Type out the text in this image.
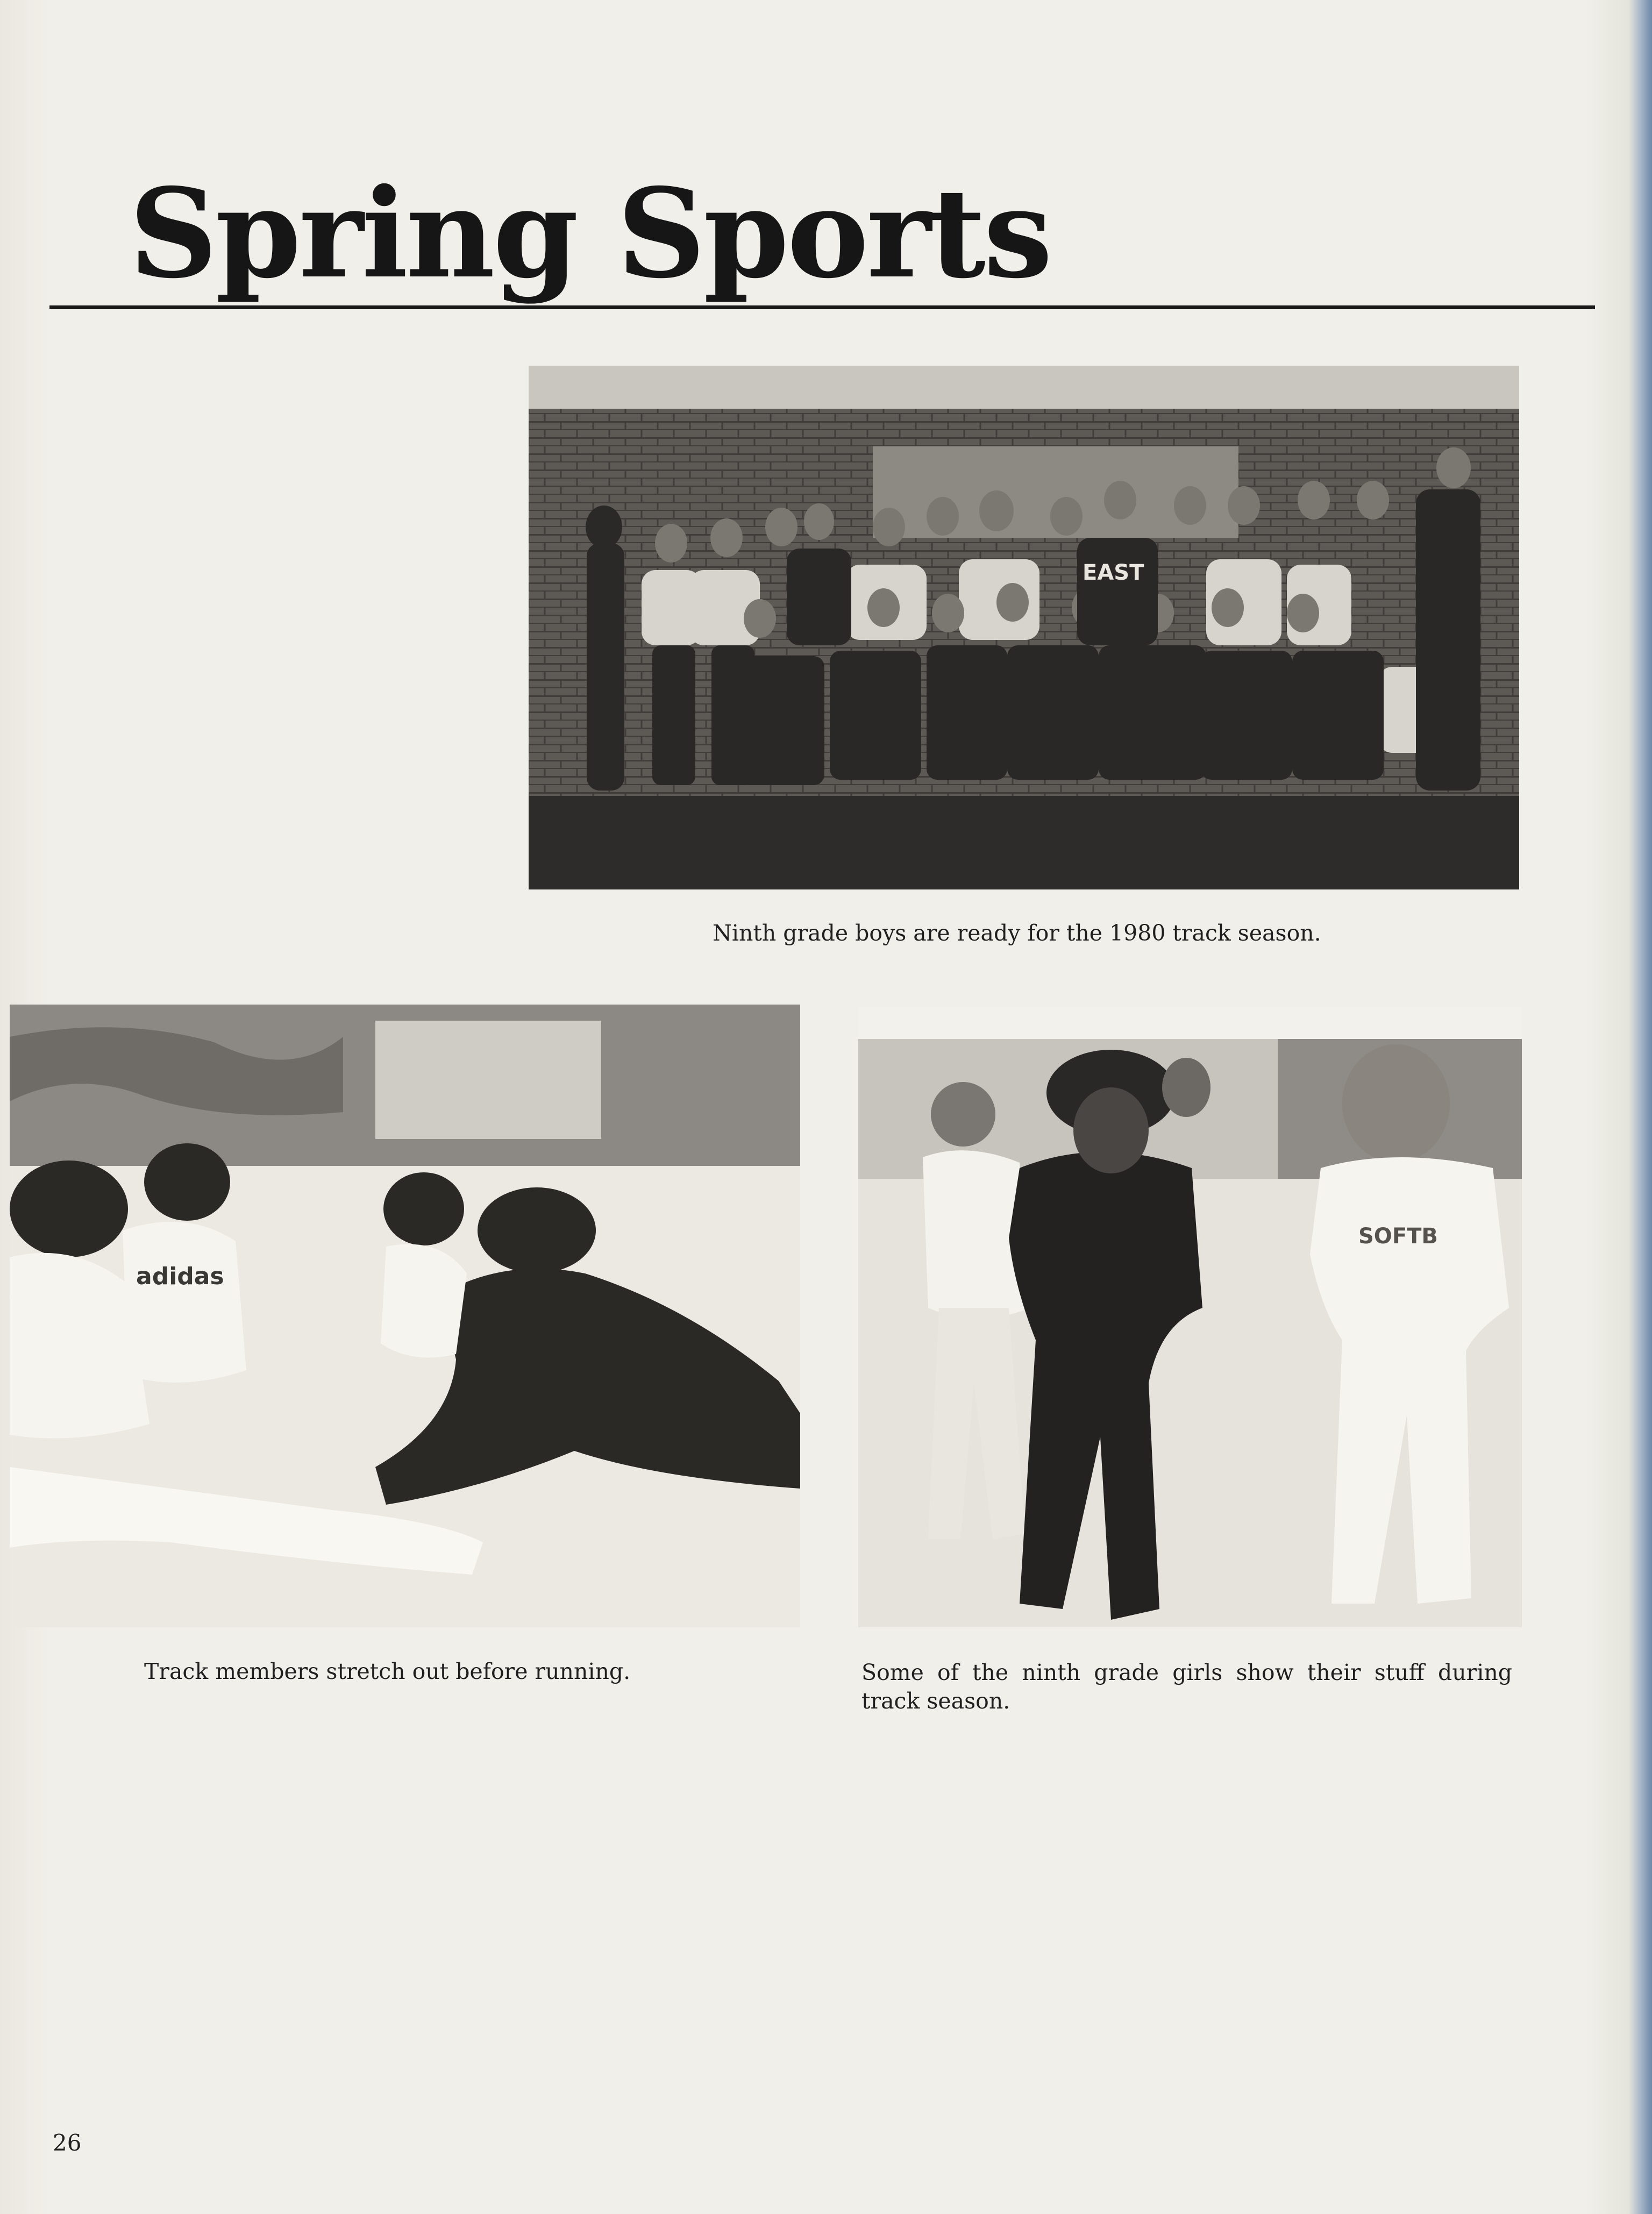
Spring Sports
EAST
Ninth grade boys are ready for the 1980 track season.
adidas
Track members stretch out before running.
SOFTB
Some of the ninth grade girls show their stuff during track season.
26
